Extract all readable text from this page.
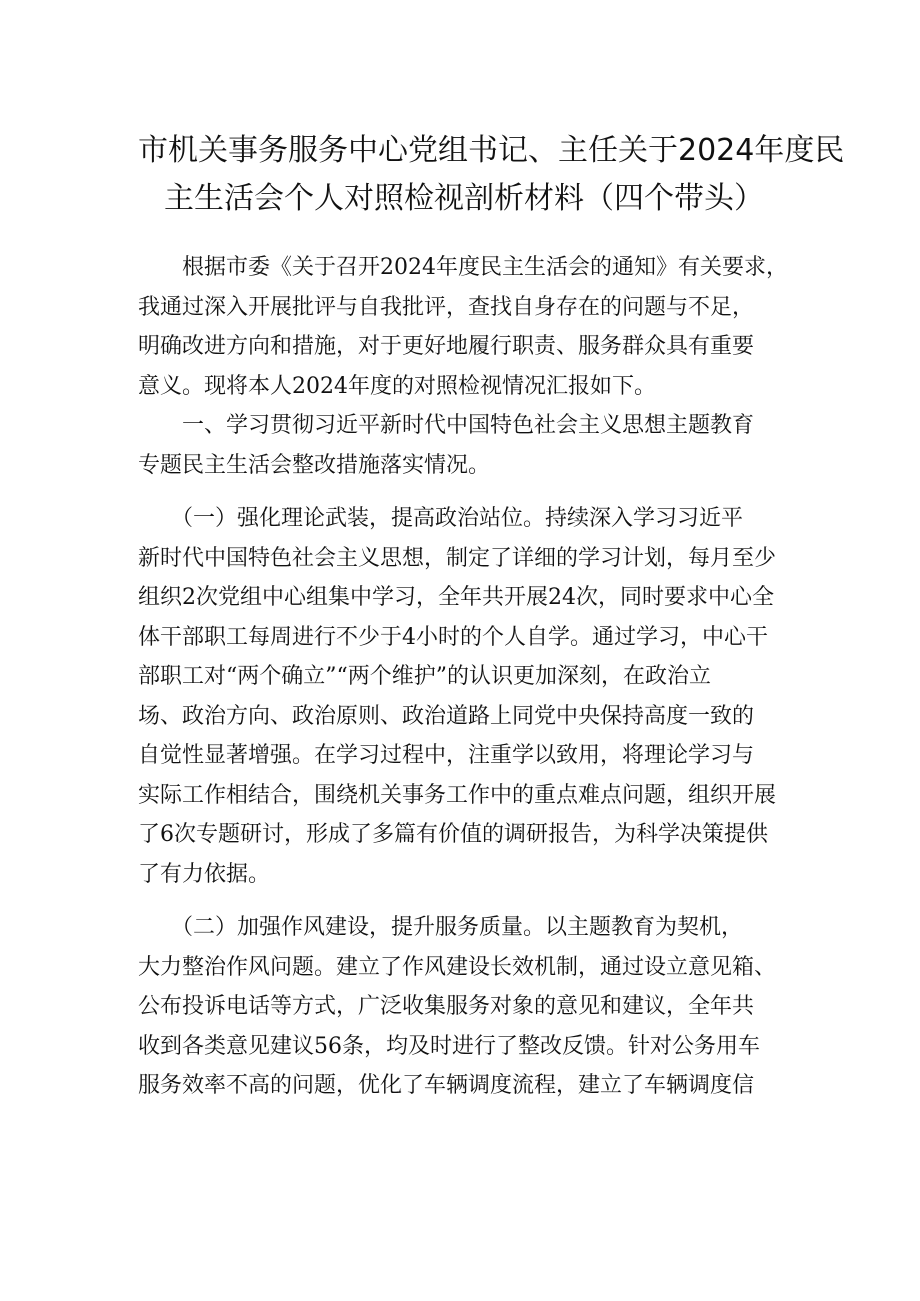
市机关事务服务中心党组书记、主任关于2024年度民
主生活会个人对照检视剖析材料（四个带头）
　　根据市委《关于召开2024年度民主生活会的通知》有关要求，
我通过深入开展批评与自我批评，查找自身存在的问题与不足，
明确改进方向和措施，对于更好地履行职责、服务群众具有重要
意义。现将本人2024年度的对照检视情况汇报如下。
　　一、学习贯彻习近平新时代中国特色社会主义思想主题教育
专题民主生活会整改措施落实情况。
　　（一）强化理论武装，提高政治站位。持续深入学习习近平
新时代中国特色社会主义思想，制定了详细的学习计划，每月至少
组织2次党组中心组集中学习，全年共开展24次，同时要求中心全
体干部职工每周进行不少于4小时的个人自学。通过学习，中心干
部职工对“两个确立”“两个维护”的认识更加深刻，在政治立
场、政治方向、政治原则、政治道路上同党中央保持高度一致的
自觉性显著增强。在学习过程中，注重学以致用，将理论学习与
实际工作相结合，围绕机关事务工作中的重点难点问题，组织开展
了6次专题研讨，形成了多篇有价值的调研报告，为科学决策提供
了有力依据。
　　（二）加强作风建设，提升服务质量。以主题教育为契机，
大力整治作风问题。建立了作风建设长效机制，通过设立意见箱、
公布投诉电话等方式，广泛收集服务对象的意见和建议，全年共
收到各类意见建议56条，均及时进行了整改反馈。针对公务用车
服务效率不高的问题，优化了车辆调度流程，建立了车辆调度信
